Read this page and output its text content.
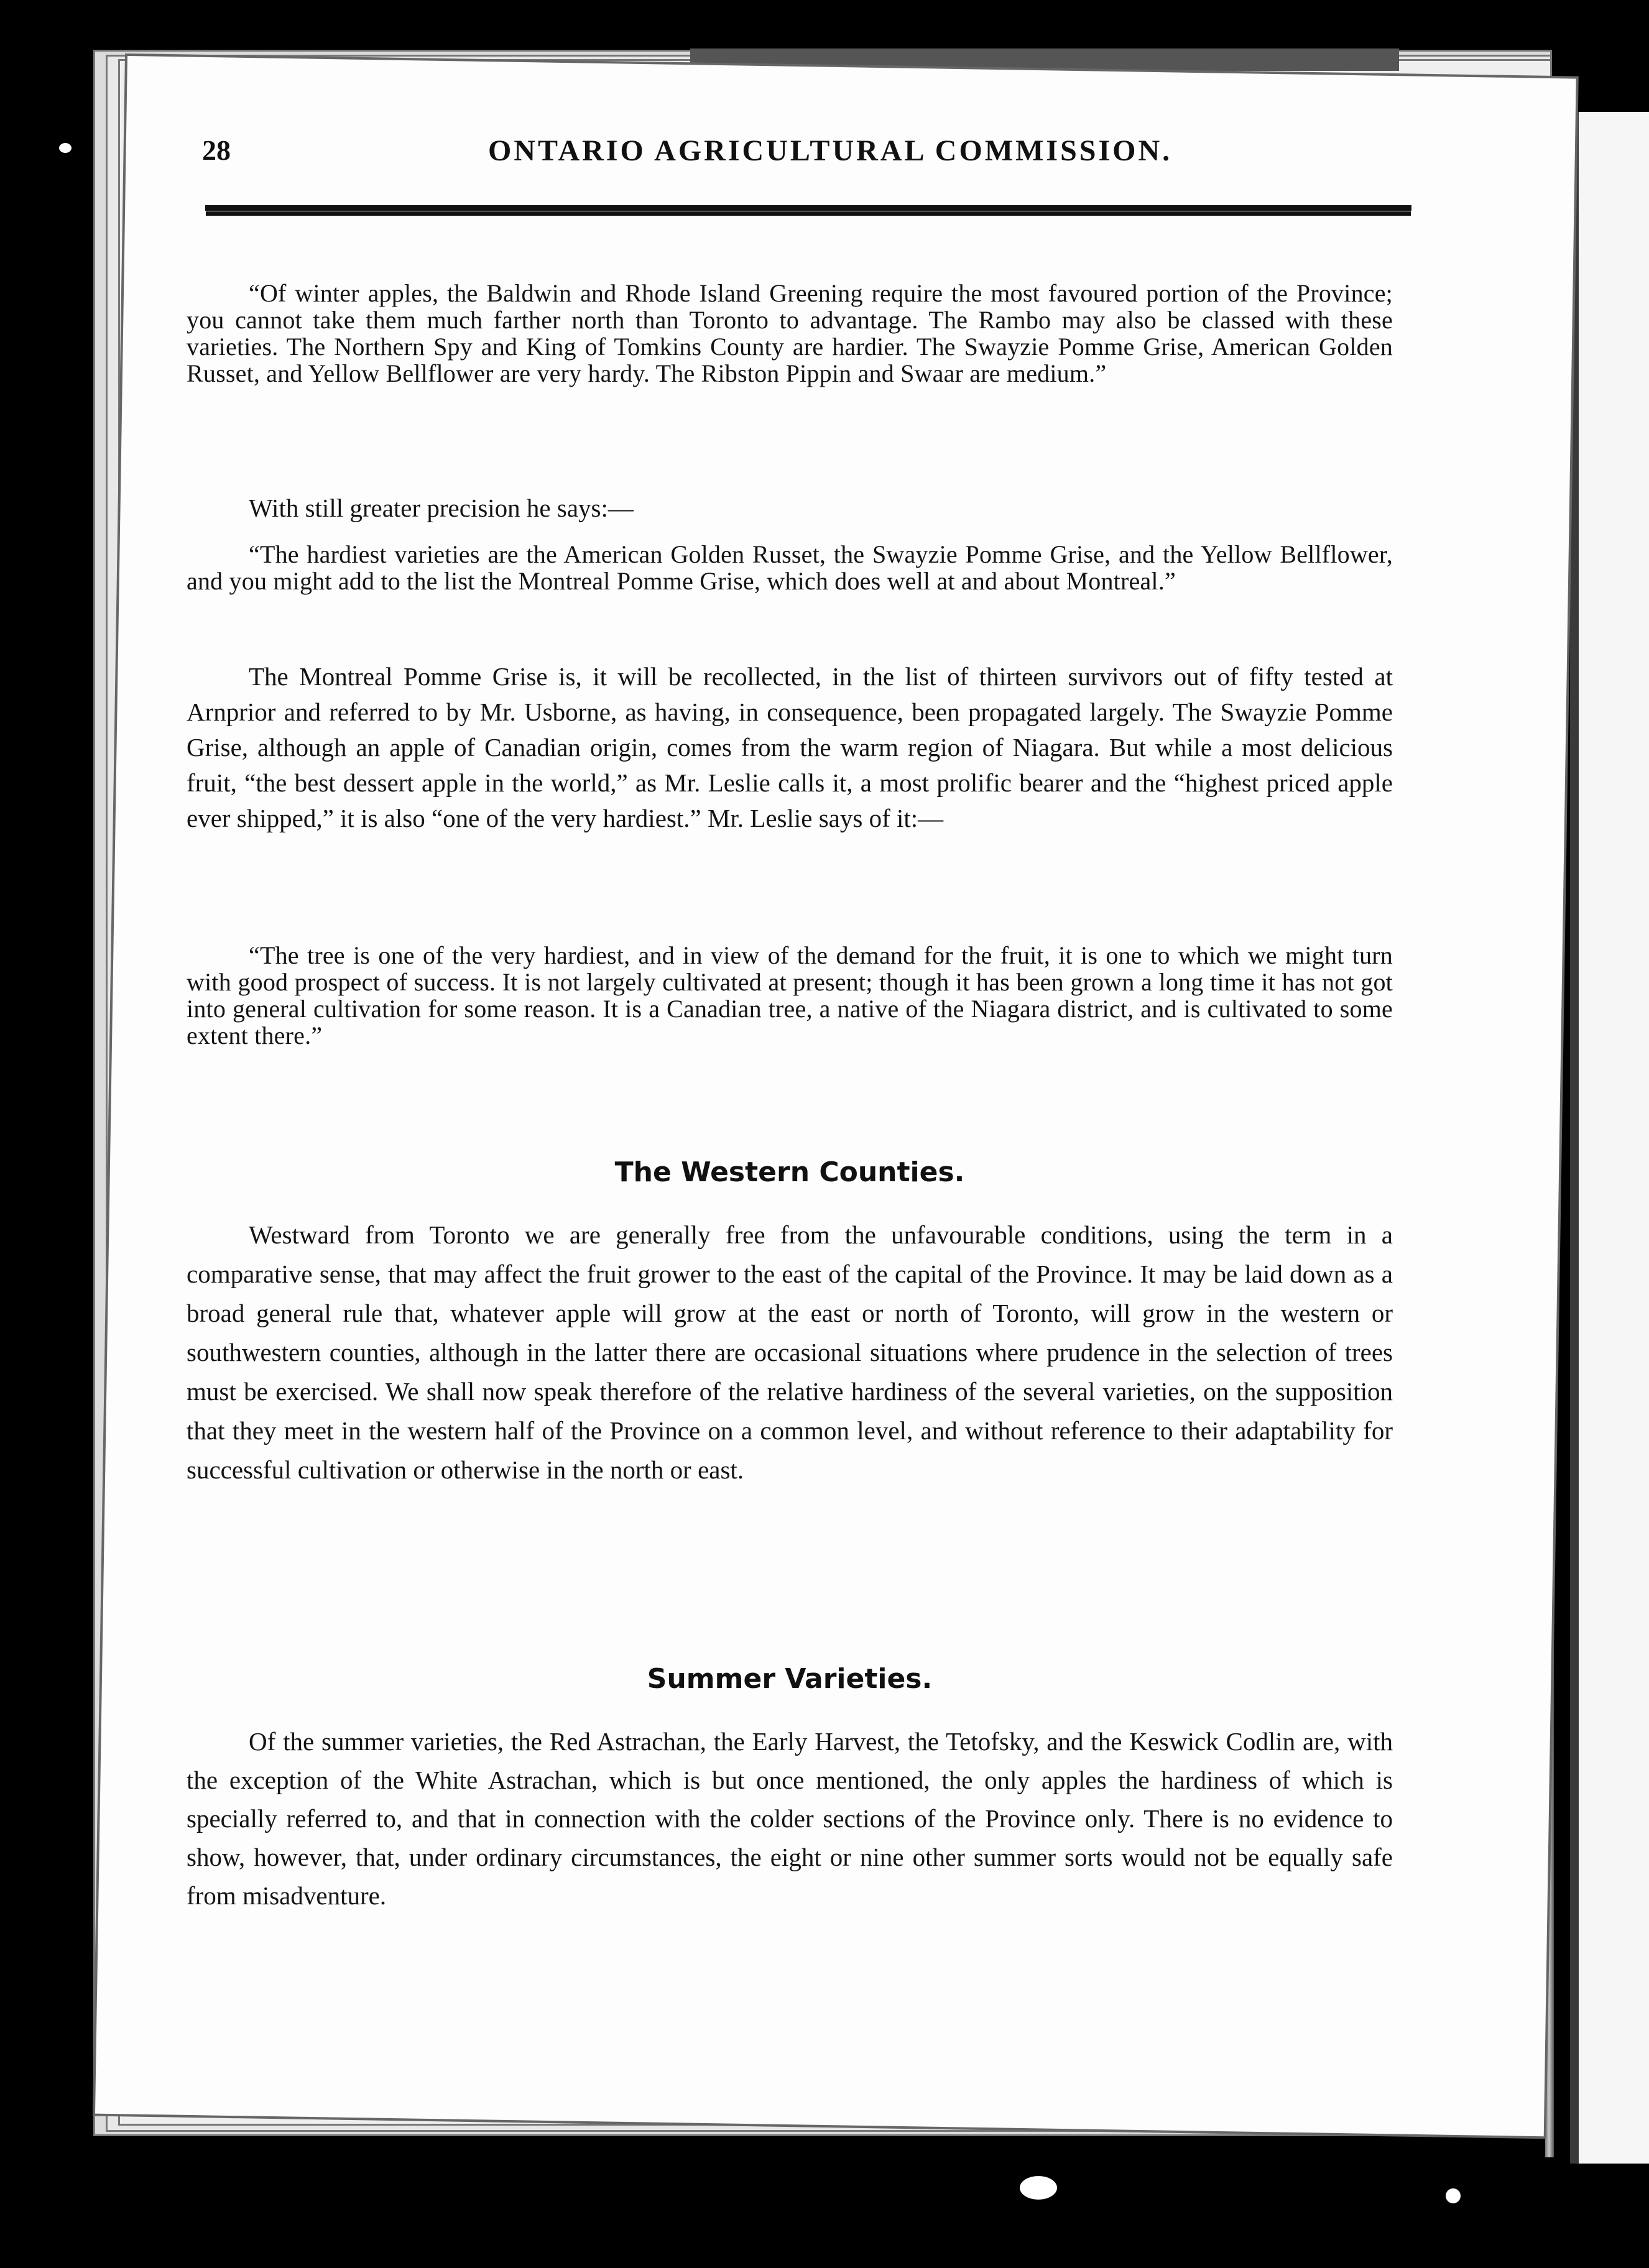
28	ONTARIO AGRICULTURAL COMMISSION.

“Of winter apples, the Baldwin and Rhode Island Greening require the most favoured portion of the Province; you cannot take them much farther north than Toronto to advantage. The Rambo may also be classed with these varieties. The Northern Spy and King of Tomkins County are hardier. The Swayzie Pomme Grise, American Golden Russet, and Yellow Bellflower are very hardy. The Ribston Pippin and Swaar are medium.”

With still greater precision he says:—

“The hardiest varieties are the American Golden Russet, the Swayzie Pomme Grise, and the Yellow Bellflower, and you might add to the list the Montreal Pomme Grise, which does well at and about Montreal.”

The Montreal Pomme Grise is, it will be recollected, in the list of thirteen survivors out of fifty tested at Arnprior and referred to by Mr. Usborne, as having, in consequence, been propagated largely. The Swayzie Pomme Grise, although an apple of Canadian origin, comes from the warm region of Niagara. But while a most delicious fruit, “the best dessert apple in the world,” as Mr. Leslie calls it, a most prolific bearer and the “highest priced apple ever shipped,” it is also “one of the very hardiest.” Mr. Leslie says of it:—

“The tree is one of the very hardiest, and in view of the demand for the fruit, it is one to which we might turn with good prospect of success. It is not largely cultivated at present; though it has been grown a long time it has not got into general cultivation for some reason. It is a Canadian tree, a native of the Niagara district, and is cultivated to some extent there.”

The Western Counties.

Westward from Toronto we are generally free from the unfavourable conditions, using the term in a comparative sense, that may affect the fruit grower to the east of the capital of the Province. It may be laid down as a broad general rule that, whatever apple will grow at the east or north of Toronto, will grow in the western or southwestern counties, although in the latter there are occasional situations where prudence in the selection of trees must be exercised. We shall now speak therefore of the relative hardiness of the several varieties, on the supposition that they meet in the western half of the Province on a common level, and without reference to their adaptability for successful cultivation or otherwise in the north or east.

Summer Varieties.

Of the summer varieties, the Red Astrachan, the Early Harvest, the Tetofsky, and the Keswick Codlin are, with the exception of the White Astrachan, which is but once mentioned, the only apples the hardiness of which is specially referred to, and that in connection with the colder sections of the Province only. There is no evidence to show, however, that, under ordinary circumstances, the eight or nine other summer sorts would not be equally safe from misadventure.
